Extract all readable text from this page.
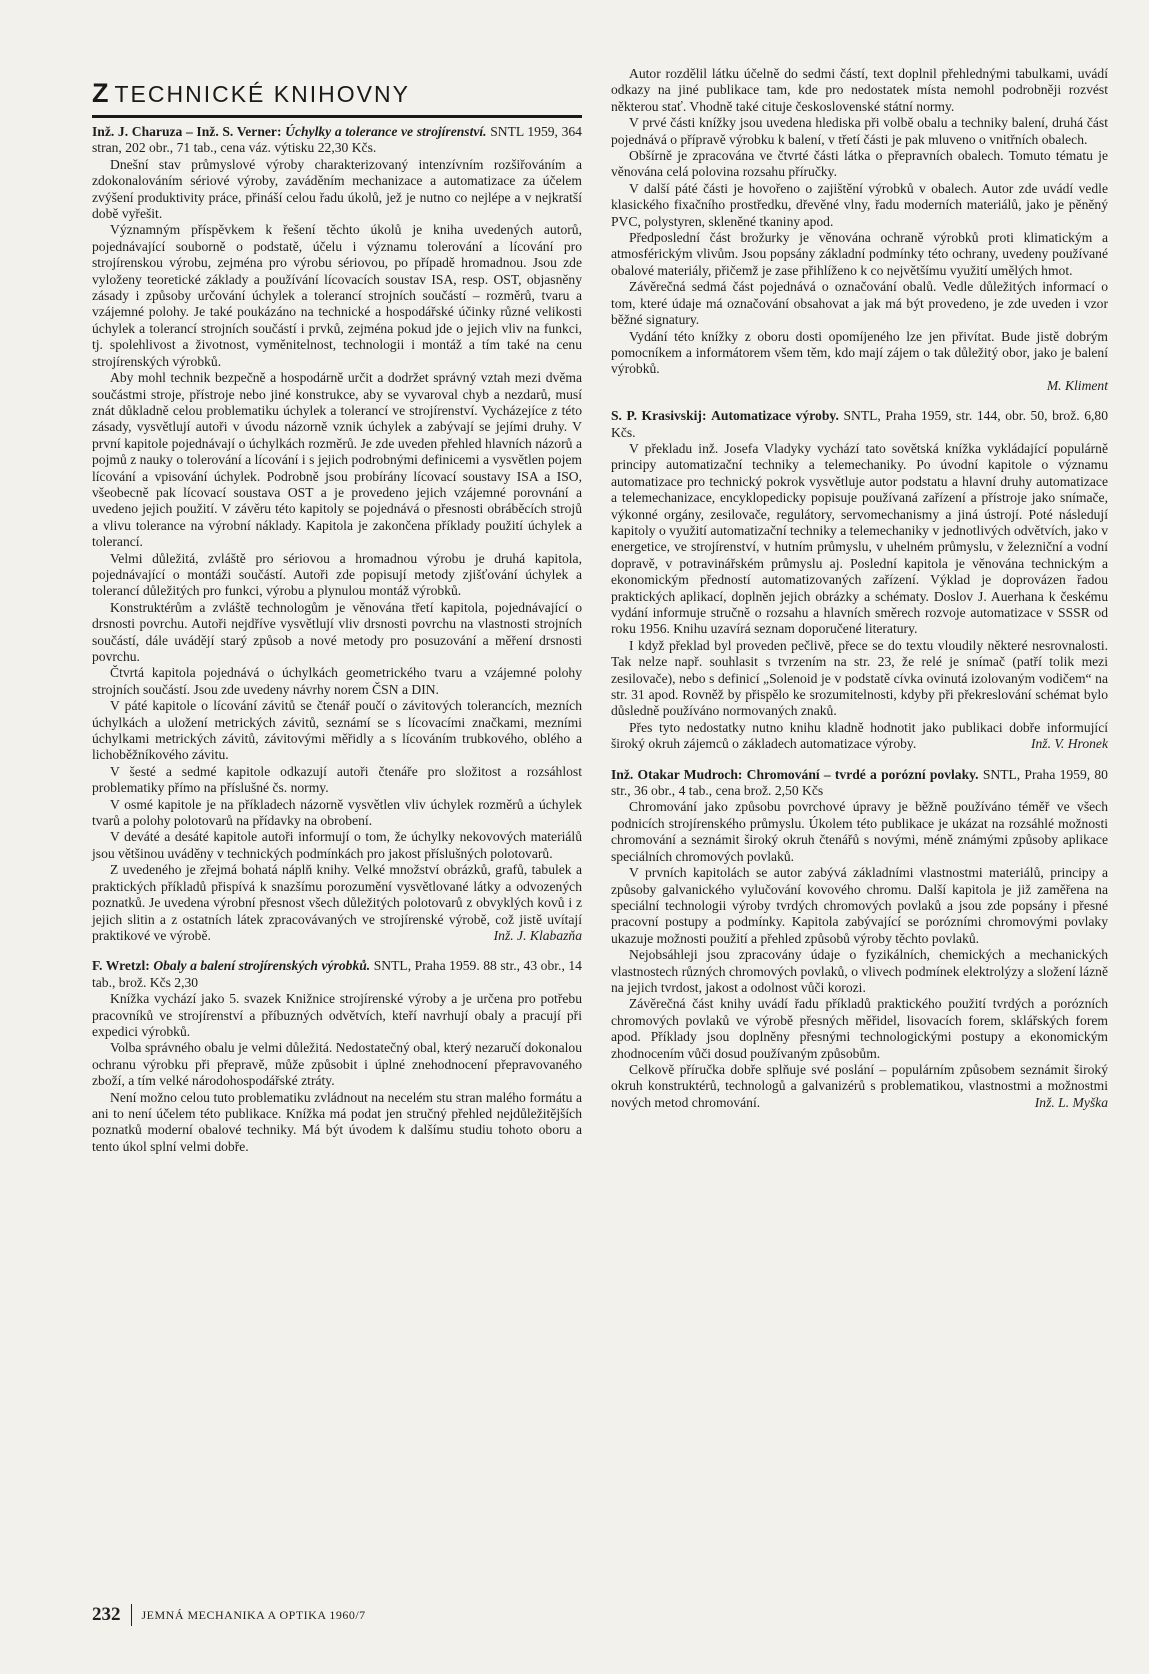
Z TECHNICKÉ KNIHOVNY

Inž. J. Charuza – Inž. S. Verner: Úchylky a tolerance ve strojírenství. SNTL 1959, 364 stran, 202 obr., 71 tab., cena váz. výtisku 22,30 Kčs.

Dnešní stav průmyslové výroby charakterizovaný intenzívním rozšiřováním a zdokonalováním sériové výroby, zaváděním mechanizace a automatizace za účelem zvýšení produktivity práce, přináší celou řadu úkolů, jež je nutno co nejlépe a v nejkratší době vyřešit.

Významným příspěvkem k řešení těchto úkolů je kniha uvedených autorů, pojednávající souborně o podstatě, účelu i významu tolerování a lícování pro strojírenskou výrobu, zejména pro výrobu sériovou, po případě hromadnou. Jsou zde vyloženy teoretické základy a používání lícovacích soustav ISA, resp. OST, objasněny zásady i způsoby určování úchylek a tolerancí strojních součástí – rozměrů, tvaru a vzájemné polohy. Je také poukázáno na technické a hospodářské účinky různé velikosti úchylek a tolerancí strojních součástí i prvků, zejména pokud jde o jejich vliv na funkci, tj. spolehlivost a životnost, vyměnitelnost, technologii i montáž a tím také na cenu strojírenských výrobků.

Aby mohl technik bezpečně a hospodárně určit a dodržet správný vztah mezi dvěma součástmi stroje, přístroje nebo jiné konstrukce, aby se vyvaroval chyb a nezdarů, musí znát důkladně celou problematiku úchylek a tolerancí ve strojírenství. Vycházejíce z této zásady, vysvětlují autoři v úvodu názorně vznik úchylek a zabývají se jejími druhy. V první kapitole pojednávají o úchylkách rozměrů. Je zde uveden přehled hlavních názorů a pojmů z nauky o tolerování a lícování i s jejich podrobnými definicemi a vysvětlen pojem lícování a vpisování úchylek. Podrobně jsou probírány lícovací soustavy ISA a ISO, všeobecně pak lícovací soustava OST a je provedeno jejich vzájemné porovnání a uvedeno jejich použití. V závěru této kapitoly se pojednává o přesnosti obráběcích strojů a vlivu tolerance na výrobní náklady. Kapitola je zakončena příklady použití úchylek a tolerancí.

Velmi důležitá, zvláště pro sériovou a hromadnou výrobu je druhá kapitola, pojednávající o montáži součástí. Autoři zde popisují metody zjišťování úchylek a tolerancí důležitých pro funkci, výrobu a plynulou montáž výrobků.

Konstruktérům a zvláště technologům je věnována třetí kapitola, pojednávající o drsnosti povrchu. Autoři nejdříve vysvětlují vliv drsnosti povrchu na vlastnosti strojních součástí, dále uvádějí starý způsob a nové metody pro posuzování a měření drsnosti povrchu.

Čtvrtá kapitola pojednává o úchylkách geometrického tvaru a vzájemné polohy strojních součástí. Jsou zde uvedeny návrhy norem ČSN a DIN.

V páté kapitole o lícování závitů se čtenář poučí o závitových tolerancích, mezních úchylkách a uložení metrických závitů, seznámí se s lícovacími značkami, mezními úchylkami metrických závitů, závitovými měřidly a s lícováním trubkového, oblého a lichoběžníkového závitu.

V šesté a sedmé kapitole odkazují autoři čtenáře pro složitost a rozsáhlost problematiky přímo na příslušné čs. normy.

V osmé kapitole je na příkladech názorně vysvětlen vliv úchylek rozměrů a úchylek tvarů a polohy polotovarů na přídavky na obrobení.

V deváté a desáté kapitole autoři informují o tom, že úchylky nekovových materiálů jsou většinou uváděny v technických podmínkách pro jakost příslušných polotovarů.

Z uvedeného je zřejmá bohatá náplň knihy. Velké množství obrázků, grafů, tabulek a praktických příkladů přispívá k snazšímu porozumění vysvětlované látky a odvozených poznatků. Je uvedena výrobní přesnost všech důležitých polotovarů z obvyklých kovů i z jejich slitin a z ostatních látek zpracovávaných ve strojírenské výrobě, což jistě uvítají praktikové ve výrobě.	Inž. J. Klabazňa

F. Wretzl: Obaly a balení strojírenských výrobků. SNTL, Praha 1959. 88 str., 43 obr., 14 tab., brož. Kčs 2,30

Knížka vychází jako 5. svazek Knižnice strojírenské výroby a je určena pro potřebu pracovníků ve strojírenství a příbuzných odvětvích, kteří navrhují obaly a pracují při expedici výrobků.

Volba správného obalu je velmi důležitá. Nedostatečný obal, který nezaručí dokonalou ochranu výrobku při přepravě, může způsobit i úplné znehodnocení přepravovaného zboží, a tím velké národohospodářské ztráty.

Není možno celou tuto problematiku zvládnout na necelém stu stran malého formátu a ani to není účelem této publikace. Knížka má podat jen stručný přehled nejdůležitějších poznatků moderní obalové techniky. Má být úvodem k dalšímu studiu tohoto oboru a tento úkol splní velmi dobře.

Autor rozdělil látku účelně do sedmi částí, text doplnil přehlednými tabulkami, uvádí odkazy na jiné publikace tam, kde pro nedostatek místa nemohl podrobněji rozvést některou stať. Vhodně také cituje československé státní normy.

V prvé části knížky jsou uvedena hlediska při volbě obalu a techniky balení, druhá část pojednává o přípravě výrobku k balení, v třetí části je pak mluveno o vnitřních obalech.

Obšírně je zpracována ve čtvrté části látka o přepravních obalech. Tomuto tématu je věnována celá polovina rozsahu příručky.

V další páté části je hovořeno o zajištění výrobků v obalech. Autor zde uvádí vedle klasického fixačního prostředku, dřevěné vlny, řadu moderních materiálů, jako je pěněný PVC, polystyren, skleněné tkaniny apod.

Předposlední část brožurky je věnována ochraně výrobků proti klimatickým a atmosférickým vlivům. Jsou popsány základní podmínky této ochrany, uvedeny používané obalové materiály, přičemž je zase přihlíženo k co největšímu využití umělých hmot.

Závěrečná sedmá část pojednává o označování obalů. Vedle důležitých informací o tom, které údaje má označování obsahovat a jak má být provedeno, je zde uveden i vzor běžné signatury.

Vydání této knížky z oboru dosti opomíjeného lze jen přivítat. Bude jistě dobrým pomocníkem a informátorem všem těm, kdo mají zájem o tak důležitý obor, jako je balení výrobků.

M. Kliment

S. P. Krasivskij: Automatizace výroby. SNTL, Praha 1959, str. 144, obr. 50, brož. 6,80 Kčs.

V překladu inž. Josefa Vladyky vychází tato sovětská knížka vykládající populárně principy automatizační techniky a telemechaniky. Po úvodní kapitole o významu automatizace pro technický pokrok vysvětluje autor podstatu a hlavní druhy automatizace a telemechanizace, encyklopedicky popisuje používaná zařízení a přístroje jako snímače, výkonné orgány, zesilovače, regulátory, servomechanismy a jiná ústrojí. Poté následují kapitoly o využití automatizační techniky a telemechaniky v jednotlivých odvětvích, jako v energetice, ve strojírenství, v hutním průmyslu, v uhelném průmyslu, v železniční a vodní dopravě, v potravinářském průmyslu aj. Poslední kapitola je věnována technickým a ekonomickým předností automatizovaných zařízení. Výklad je doprovázen řadou praktických aplikací, doplněn jejich obrázky a schématy. Doslov J. Auerhana k českému vydání informuje stručně o rozsahu a hlavních směrech rozvoje automatizace v SSSR od roku 1956. Knihu uzavírá seznam doporučené literatury.

I když překlad byl proveden pečlivě, přece se do textu vloudily některé nesrovnalosti. Tak nelze např. souhlasit s tvrzením na str. 23, že relé je snímač (patří tolik mezi zesilovače), nebo s definicí „Solenoid je v podstatě cívka ovinutá izolovaným vodičem“ na str. 31 apod. Rovněž by přispělo ke srozumitelnosti, kdyby při překreslování schémat bylo důsledně používáno normovaných znaků.

Přes tyto nedostatky nutno knihu kladně hodnotit jako publikaci dobře informující široký okruh zájemců o základech automatizace výroby.	Inž. V. Hronek

Inž. Otakar Mudroch: Chromování – tvrdé a porózní povlaky. SNTL, Praha 1959, 80 str., 36 obr., 4 tab., cena brož. 2,50 Kčs

Chromování jako způsobu povrchové úpravy je běžně používáno téměř ve všech podnicích strojírenského průmyslu. Úkolem této publikace je ukázat na rozsáhlé možnosti chromování a seznámit široký okruh čtenářů s novými, méně známými způsoby aplikace speciálních chromových povlaků.

V prvních kapitolách se autor zabývá základními vlastnostmi materiálů, principy a způsoby galvanického vylučování kovového chromu. Další kapitola je již zaměřena na speciální technologii výroby tvrdých chromových povlaků a jsou zde popsány i přesné pracovní postupy a podmínky. Kapitola zabývající se porózními chromovými povlaky ukazuje možnosti použití a přehled způsobů výroby těchto povlaků.

Nejobsáhleji jsou zpracovány údaje o fyzikálních, chemických a mechanických vlastnostech různých chromových povlaků, o vlivech podmínek elektrolýzy a složení lázně na jejich tvrdost, jakost a odolnost vůči korozi.

Závěrečná část knihy uvádí řadu příkladů praktického použití tvrdých a porózních chromových povlaků ve výrobě přesných měřidel, lisovacích forem, sklářských forem apod. Příklady jsou doplněny přesnými technologickými postupy a ekonomickým zhodnocením vůči dosud používaným způsobům.

Celkově příručka dobře splňuje své poslání – populárním způsobem seznámit široký okruh konstruktérů, technologů a galvanizérů s problematikou, vlastnostmi a možnostmi nových metod chromování.	Inž. L. Myška

232 JEMNÁ MECHANIKA A OPTIKA 1960/7
